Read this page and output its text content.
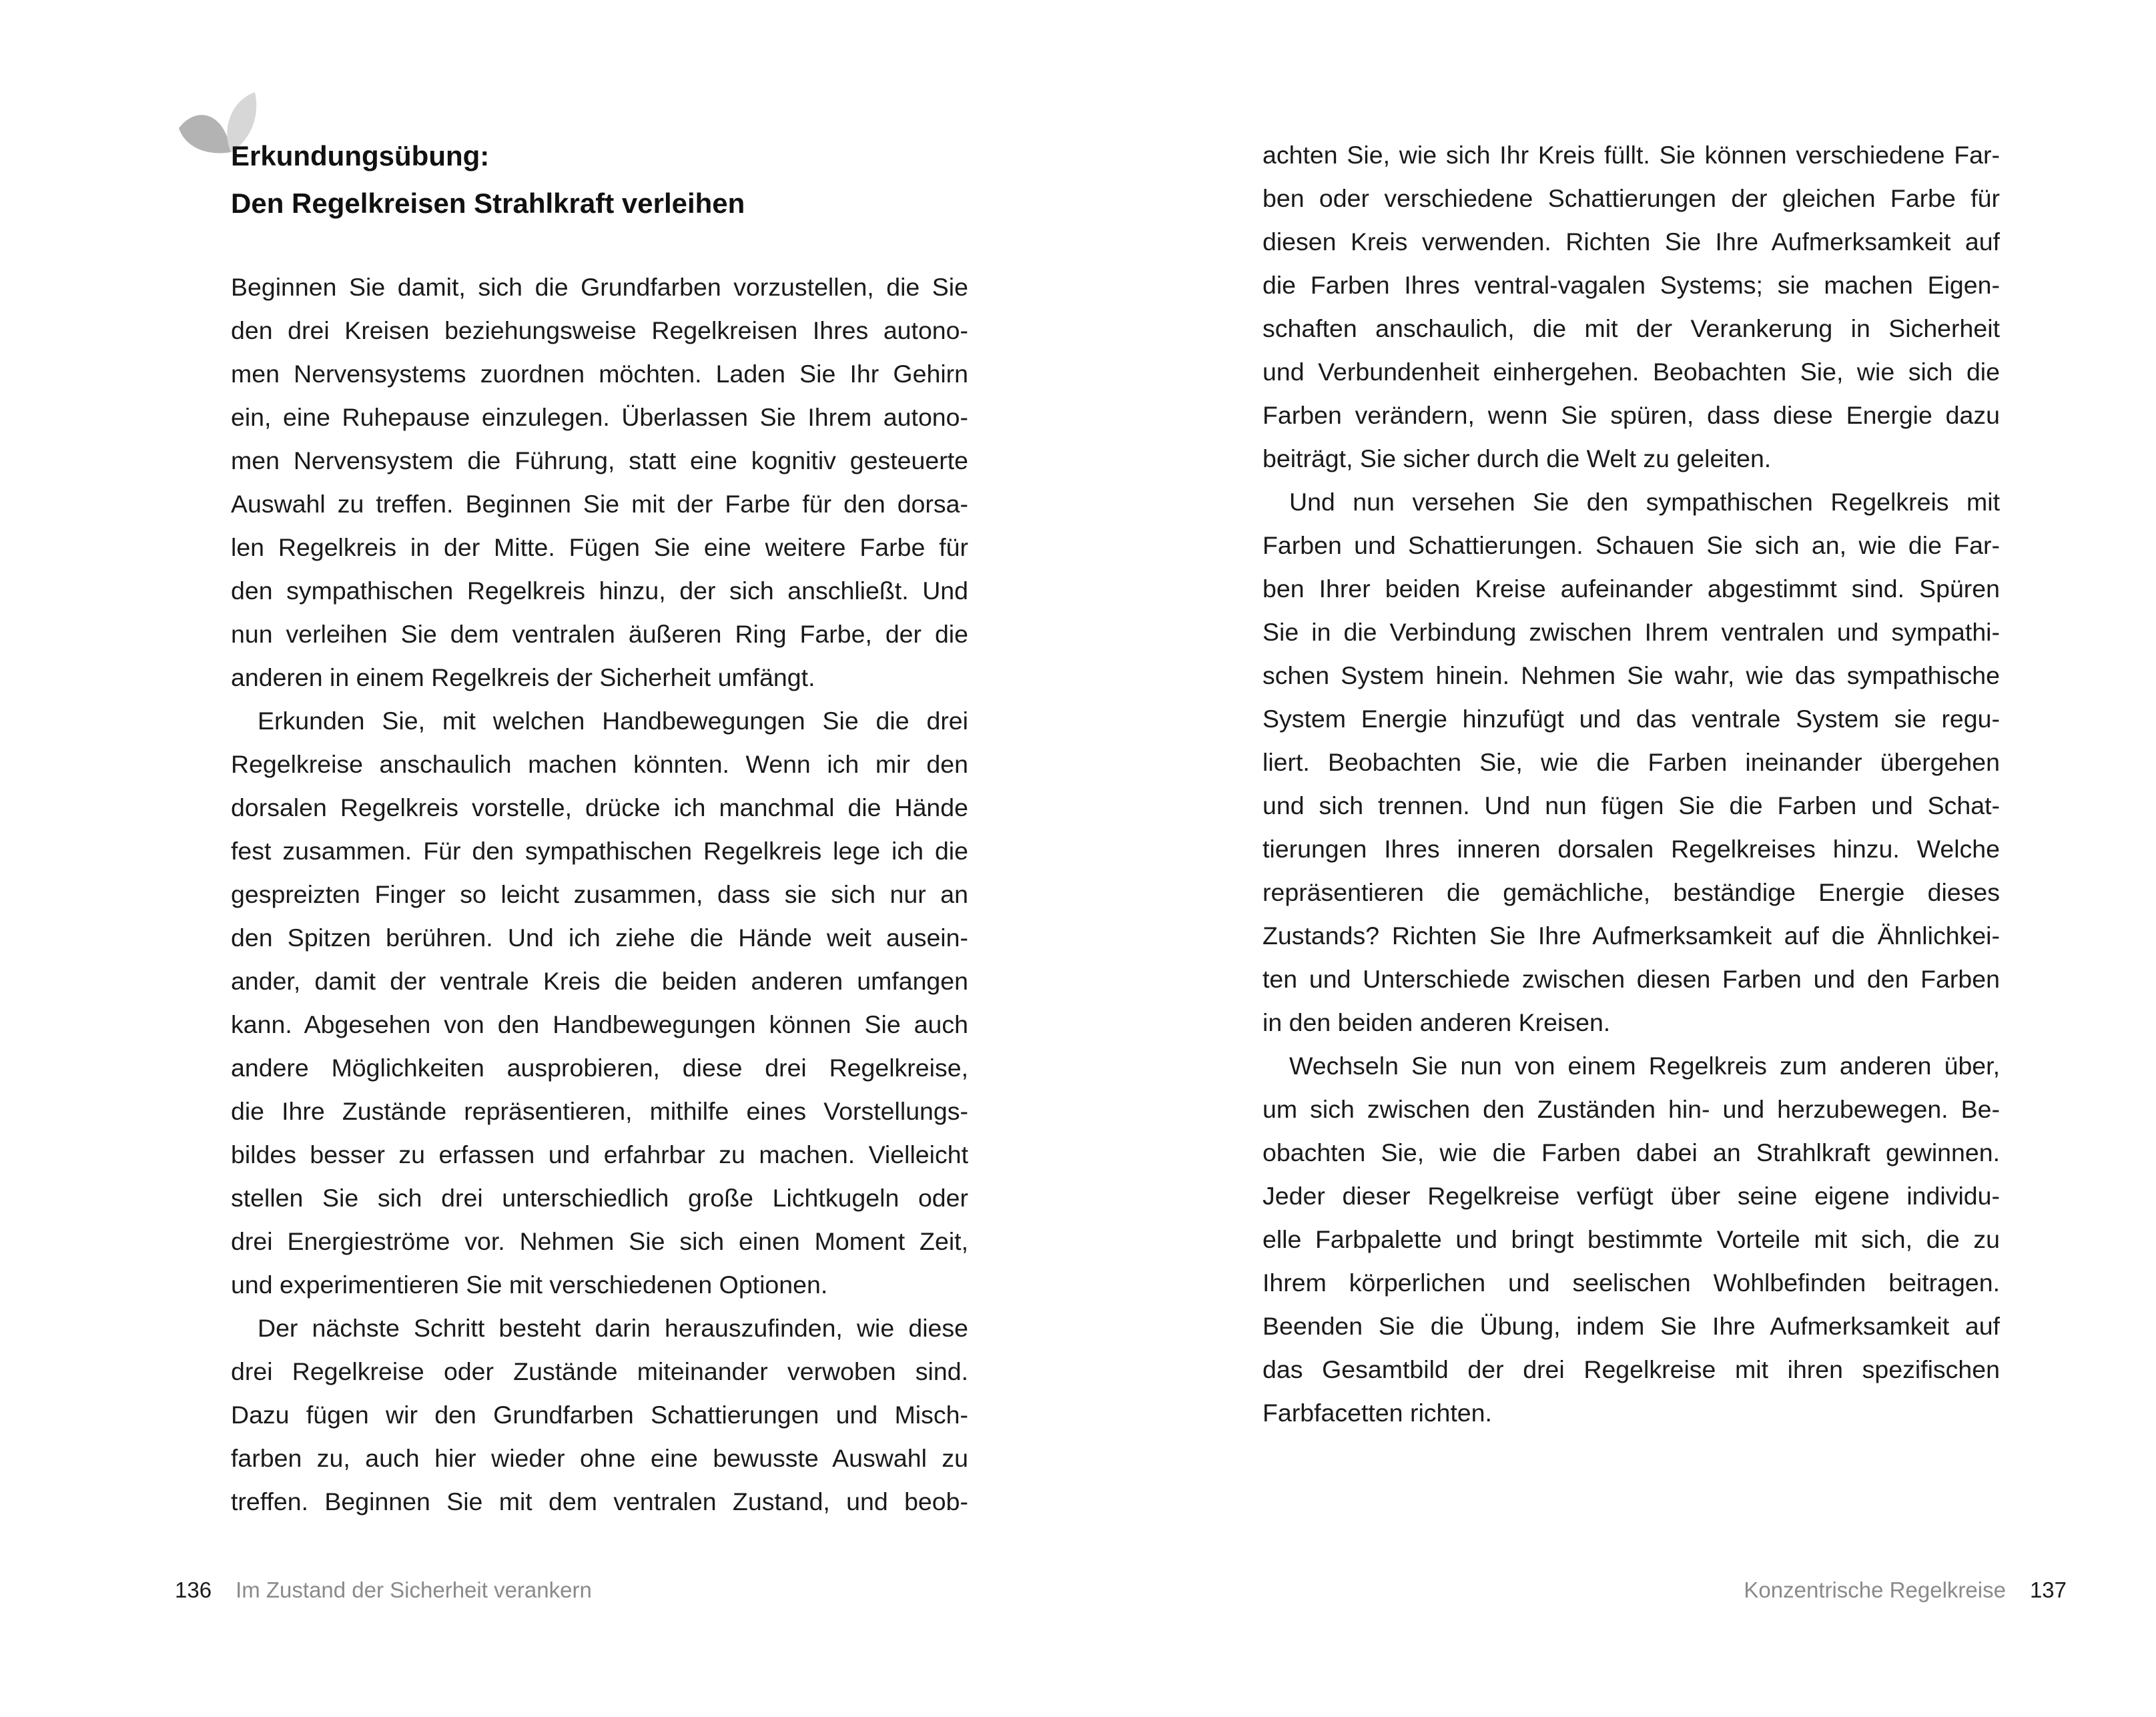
Erkundungsübung:
Den Regelkreisen Strahlkraft verleihen
Beginnen Sie damit, sich die Grundfarben vorzustellen, die Sie
den drei Kreisen beziehungsweise Regelkreisen Ihres autono-
men Nervensystems zuordnen möchten. Laden Sie Ihr Gehirn
ein, eine Ruhepause einzulegen. Überlassen Sie Ihrem autono-
men Nervensystem die Führung, statt eine kognitiv gesteuerte
Auswahl zu treffen. Beginnen Sie mit der Farbe für den dorsa-
len Regelkreis in der Mitte. Fügen Sie eine weitere Farbe für
den sympathischen Regelkreis hinzu, der sich anschließt. Und
nun verleihen Sie dem ventralen äußeren Ring Farbe, der die
anderen in einem Regelkreis der Sicherheit umfängt.
Erkunden Sie, mit welchen Handbewegungen Sie die drei
Regelkreise anschaulich machen könnten. Wenn ich mir den
dorsalen Regelkreis vorstelle, drücke ich manchmal die Hände
fest zusammen. Für den sympathischen Regelkreis lege ich die
gespreizten Finger so leicht zusammen, dass sie sich nur an
den Spitzen berühren. Und ich ziehe die Hände weit ausein-
ander, damit der ventrale Kreis die beiden anderen umfangen
kann. Abgesehen von den Handbewegungen können Sie auch
andere Möglichkeiten ausprobieren, diese drei Regelkreise,
die Ihre Zustände repräsentieren, mithilfe eines Vorstellungs-
bildes besser zu erfassen und erfahrbar zu machen. Vielleicht
stellen Sie sich drei unterschiedlich große Lichtkugeln oder
drei Energieströme vor. Nehmen Sie sich einen Moment Zeit,
und experimentieren Sie mit verschiedenen Optionen.
Der nächste Schritt besteht darin herauszufinden, wie diese
drei Regelkreise oder Zustände miteinander verwoben sind.
Dazu fügen wir den Grundfarben Schattierungen und Misch-
farben zu, auch hier wieder ohne eine bewusste Auswahl zu
treffen. Beginnen Sie mit dem ventralen Zustand, und beob-
136 Im Zustand der Sicherheit verankern
achten Sie, wie sich Ihr Kreis füllt. Sie können verschiedene Far-
ben oder verschiedene Schattierungen der gleichen Farbe für
diesen Kreis verwenden. Richten Sie Ihre Aufmerksamkeit auf
die Farben Ihres ventral-vagalen Systems; sie machen Eigen-
schaften anschaulich, die mit der Verankerung in Sicherheit
und Verbundenheit einhergehen. Beobachten Sie, wie sich die
Farben verändern, wenn Sie spüren, dass diese Energie dazu
beiträgt, Sie sicher durch die Welt zu geleiten.
Und nun versehen Sie den sympathischen Regelkreis mit
Farben und Schattierungen. Schauen Sie sich an, wie die Far-
ben Ihrer beiden Kreise aufeinander abgestimmt sind. Spüren
Sie in die Verbindung zwischen Ihrem ventralen und sympathi-
schen System hinein. Nehmen Sie wahr, wie das sympathische
System Energie hinzufügt und das ventrale System sie regu-
liert. Beobachten Sie, wie die Farben ineinander übergehen
und sich trennen. Und nun fügen Sie die Farben und Schat-
tierungen Ihres inneren dorsalen Regelkreises hinzu. Welche
repräsentieren die gemächliche, beständige Energie dieses
Zustands? Richten Sie Ihre Aufmerksamkeit auf die Ähnlichkei-
ten und Unterschiede zwischen diesen Farben und den Farben
in den beiden anderen Kreisen.
Wechseln Sie nun von einem Regelkreis zum anderen über,
um sich zwischen den Zuständen hin- und herzubewegen. Be-
obachten Sie, wie die Farben dabei an Strahlkraft gewinnen.
Jeder dieser Regelkreise verfügt über seine eigene individu-
elle Farbpalette und bringt bestimmte Vorteile mit sich, die zu
Ihrem körperlichen und seelischen Wohlbefinden beitragen.
Beenden Sie die Übung, indem Sie Ihre Aufmerksamkeit auf
das Gesamtbild der drei Regelkreise mit ihren spezifischen
Farbfacetten richten.
Konzentrische Regelkreise 137
